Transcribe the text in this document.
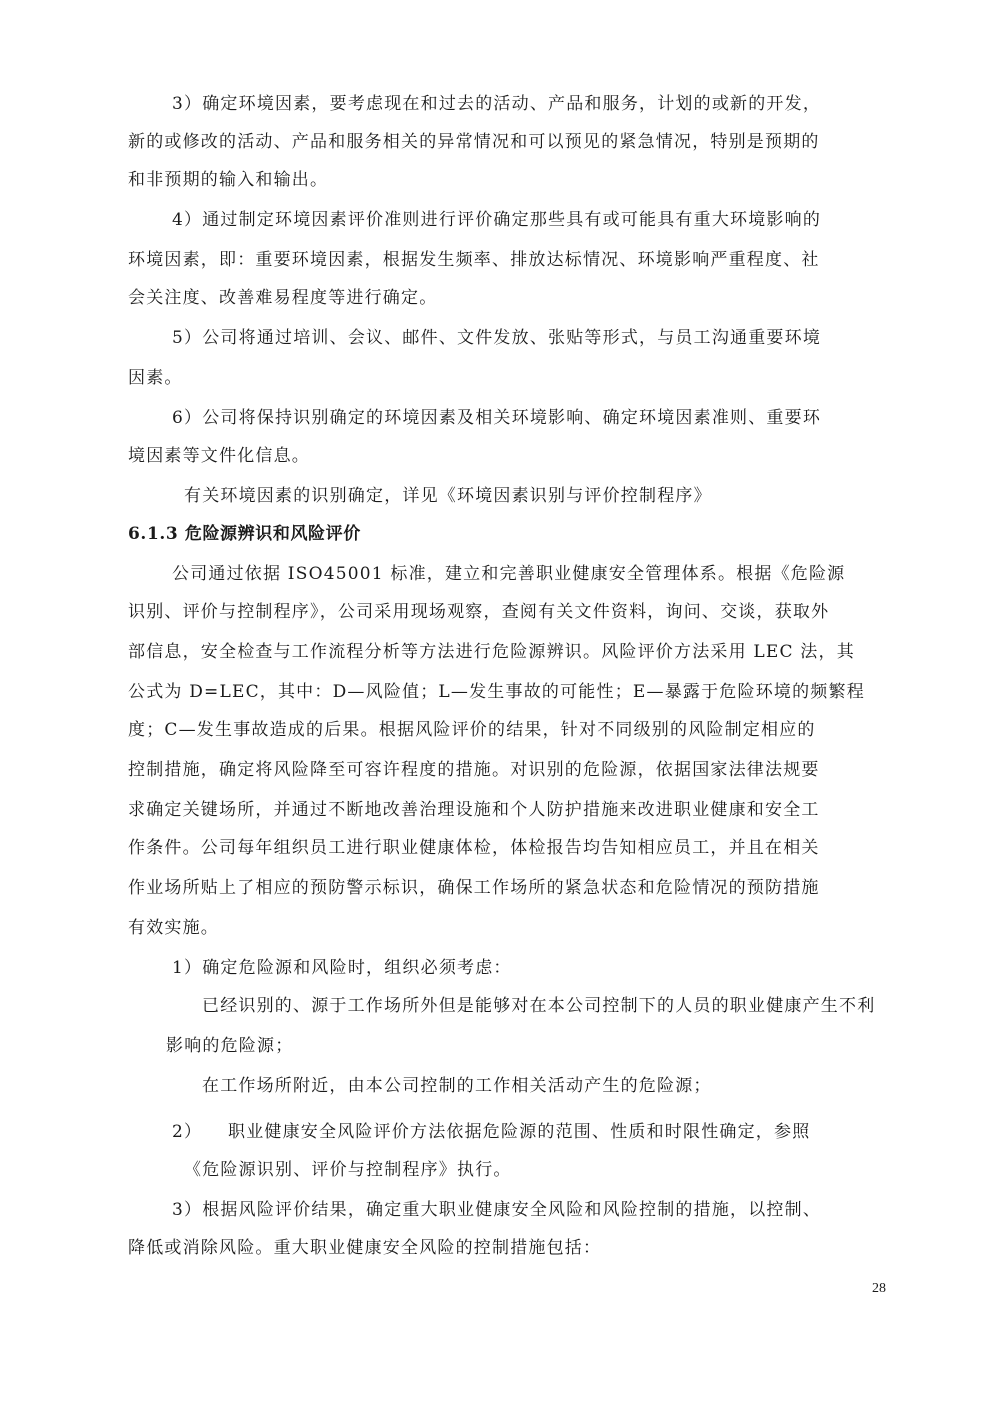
3）确定环境因素，要考虑现在和过去的活动、产品和服务，计划的或新的开发，
新的或修改的活动、产品和服务相关的异常情况和可以预见的紧急情况，特别是预期的
和非预期的输入和输出。
4）通过制定环境因素评价准则进行评价确定那些具有或可能具有重大环境影响的
环境因素，即：重要环境因素，根据发生频率、排放达标情况、环境影响严重程度、社
会关注度、改善难易程度等进行确定。
5）公司将通过培训、会议、邮件、文件发放、张贴等形式，与员工沟通重要环境
因素。
6）公司将保持识别确定的环境因素及相关环境影响、确定环境因素准则、重要环
境因素等文件化信息。
有关环境因素的识别确定，详见《环境因素识别与评价控制程序》
6.1.3 危险源辨识和风险评价
公司通过依据 ISO45001 标准，建立和完善职业健康安全管理体系。根据《危险源
识别、评价与控制程序》，公司采用现场观察，查阅有关文件资料，询问、交谈，获取外
部信息，安全检查与工作流程分析等方法进行危险源辨识。风险评价方法采用 LEC 法，其
公式为 D=LEC，其中：D—风险值；L—发生事故的可能性；E—暴露于危险环境的频繁程
度；C—发生事故造成的后果。根据风险评价的结果，针对不同级别的风险制定相应的
控制措施，确定将风险降至可容许程度的措施。对识别的危险源，依据国家法律法规要
求确定关键场所，并通过不断地改善治理设施和个人防护措施来改进职业健康和安全工
作条件。公司每年组织员工进行职业健康体检，体检报告均告知相应员工，并且在相关
作业场所贴上了相应的预防警示标识，确保工作场所的紧急状态和危险情况的预防措施
有效实施。
1）确定危险源和风险时，组织必须考虑：
已经识别的、源于工作场所外但是能够对在本公司控制下的人员的职业健康产生不利
影响的危险源；
在工作场所附近，由本公司控制的工作相关活动产生的危险源；
2） 职业健康安全风险评价方法依据危险源的范围、性质和时限性确定，参照
《危险源识别、评价与控制程序》执行。
3）根据风险评价结果，确定重大职业健康安全风险和风险控制的措施，以控制、
降低或消除风险。重大职业健康安全风险的控制措施包括：
28
